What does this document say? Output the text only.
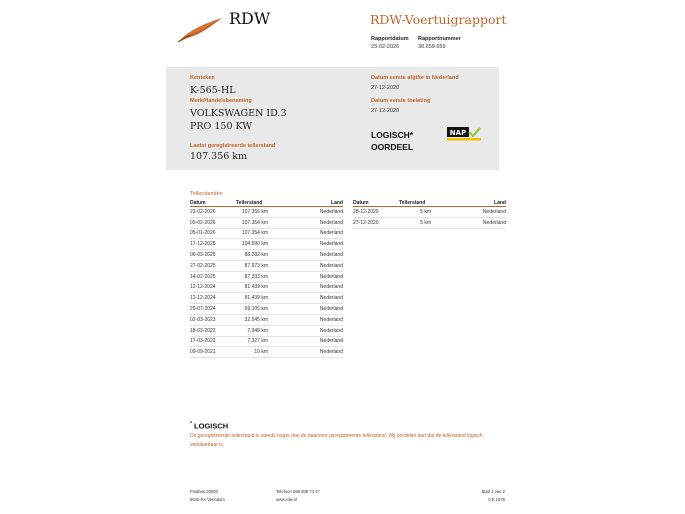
RDW	RDW-Voertuigrapport
Rapportdatum
23-02-2026
Rapportnummer
30.659.659
Kenteken
K-565-HL
Merk/Handelsbenaming
VOLKSWAGEN ID.3
PRO 150 KW
Laatst geregistreerde tellerstand
107.356 km
Datum eerste afgifte in Nederland
27-12-2020
Datum eerste toelating
27-12-2020
LOGISCH*
OORDEEL
NAP
Tellerstanden
Datum	Tellerstand	Land
23-02-2026	107.356 km	Nederland
09-02-2026	107.354 km	Nederland
05-01-2026	107.354 km	Nederland
17-12-2025	104.690 km	Nederland
06-03-2025	88.282 km	Nederland
27-02-2025	87.973 km	Nederland
14-02-2025	87.333 km	Nederland
12-12-2024	81.439 km	Nederland
12-12-2024	81.439 km	Nederland
29-07-2024	69.105 km	Nederland
02-03-2023	32.545 km	Nederland
18-03-2022	7.348 km	Nederland
17-03-2022	7.327 km	Nederland
09-09-2021	10 km	Nederland
Datum	Tellerstand	Land
28-12-2020	5 km	Nederland
27-12-2020	5 km	Nederland
* LOGISCH
De geregistreerde tellerstand is steeds hoger dan de daarvoor geregistreerde tellerstand. Wij oordelen dan dat de tellerstand logisch verklaarbaar is.
Postbus 30000
9640 RA Veendam
Telefoon 088 008 74 47
www.rdw.nl
Blad 1 van 2
0 E 1679
